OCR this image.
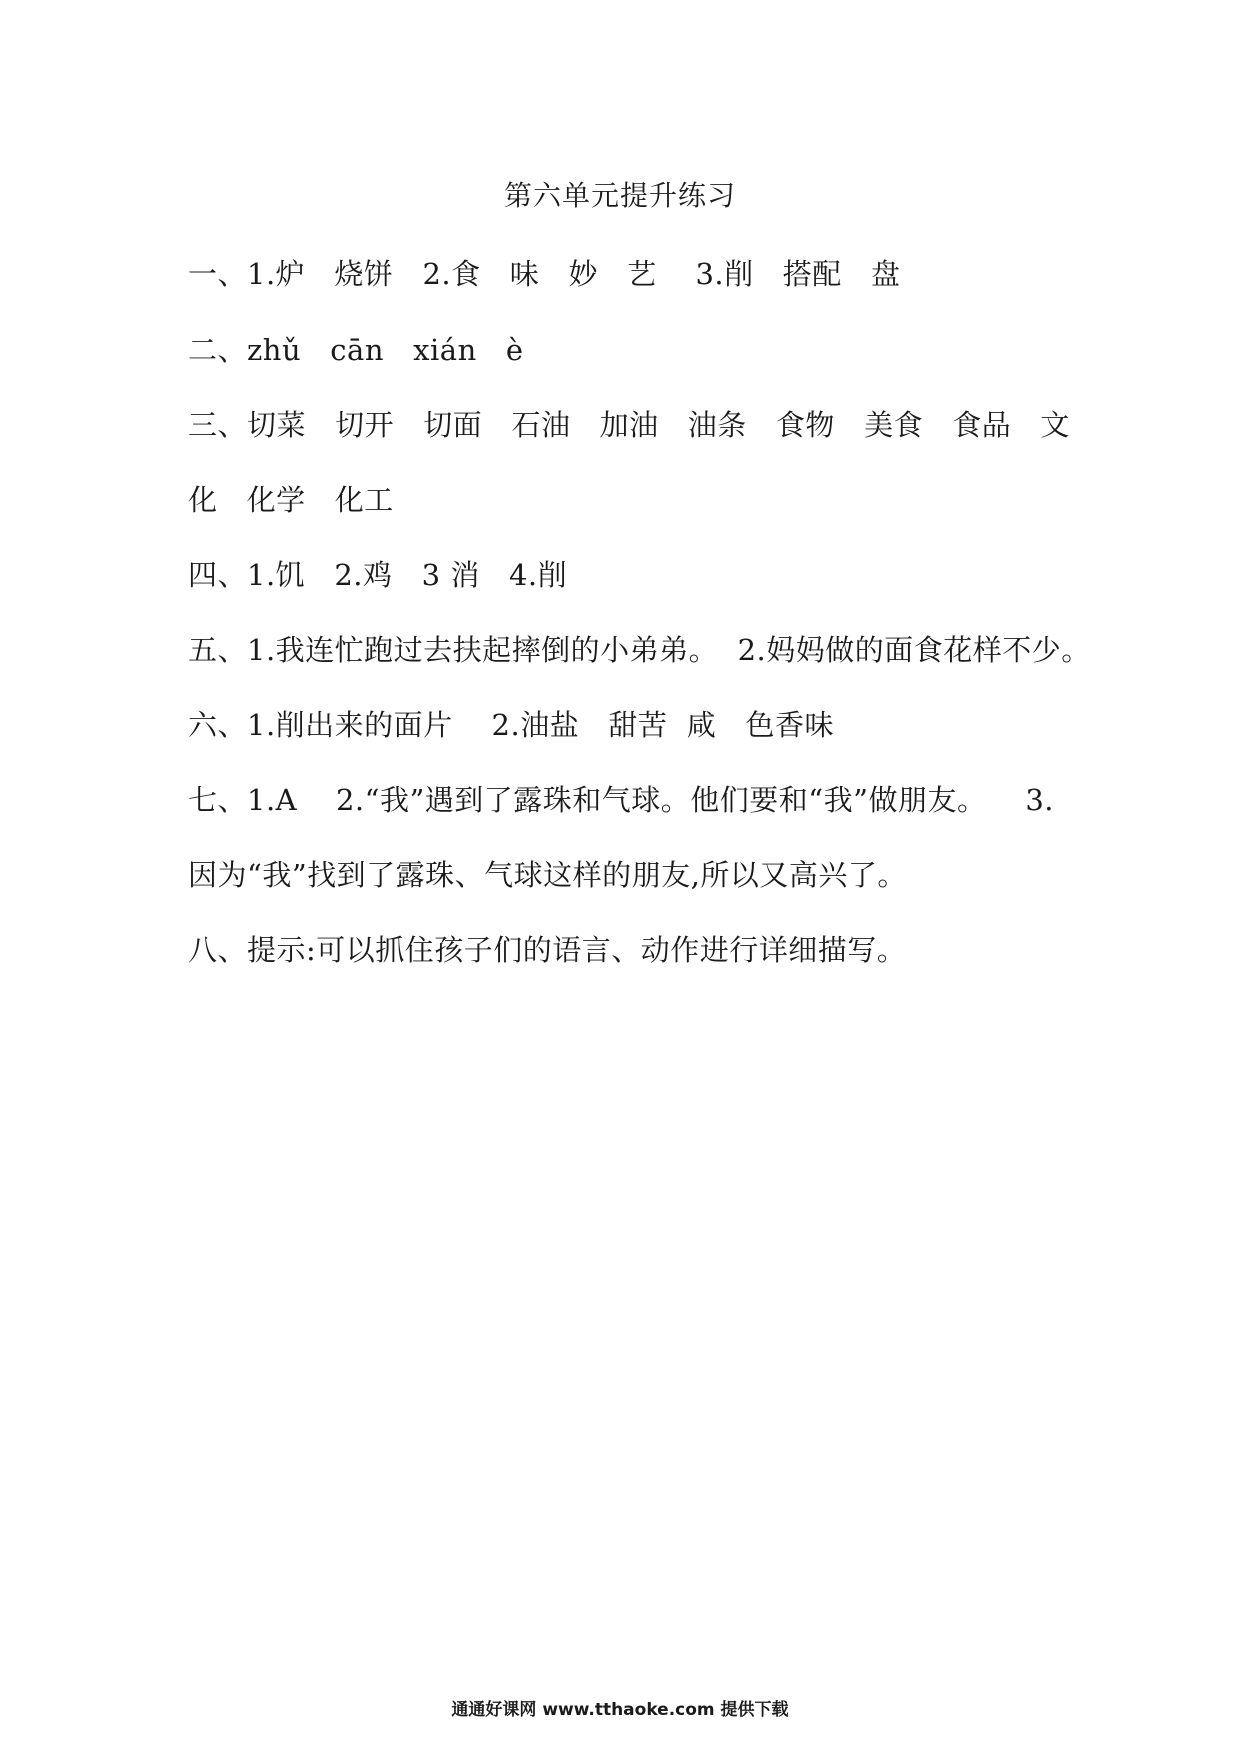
第六单元提升练习
一、1.炉   烧饼   2.食   味   妙   艺    3.削   搭配   盘
二、zhǔ   cān   xián   è
三、切菜   切开   切面   石油   加油   油条   食物   美食   食品   文
化   化学   化工
四、1.饥   2.鸡   3 消   4.削
五、1.我连忙跑过去扶起摔倒的小弟弟。  2.妈妈做的面食花样不少。
六、1.削出来的面片    2.油盐   甜苦  咸   色香味
七、1.A    2.“我”遇到了露珠和气球。他们要和“我”做朋友。    3.
因为“我”找到了露珠、气球这样的朋友,所以又高兴了。
八、提示:可以抓住孩子们的语言、动作进行详细描写。
通通好课网 www.tthaoke.com 提供下载
